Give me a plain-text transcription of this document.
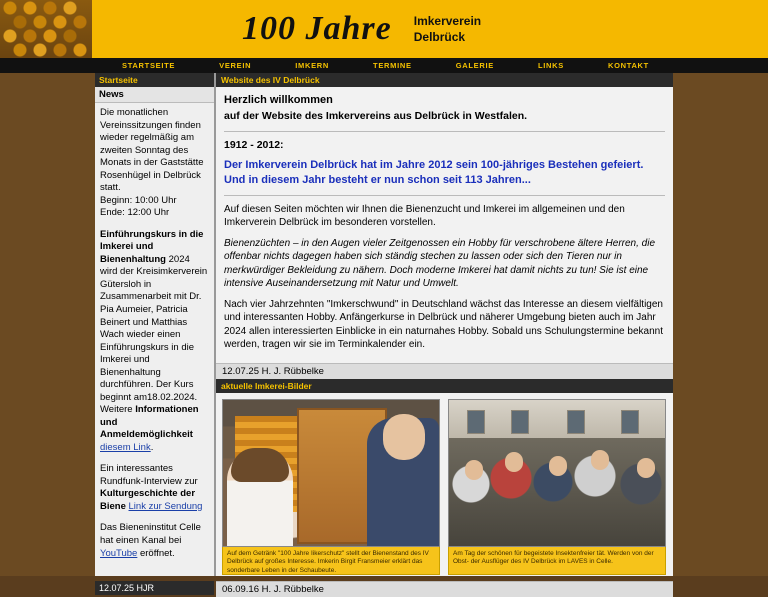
100 Jahre Imkerverein
Delbrück
STARTSEITE	VEREIN	IMKERN	TERMINE	GALERIE	LINKS	KONTAKT
Startseite
News

Die monatlichen Vereinssitzungen finden wieder regelmäßig am zweiten Sonntag des Monats in der Gaststätte Rosenhügel in Delbrück statt.
Beginn: 10:00 Uhr
Ende: 12:00 Uhr

Einführungskurs in die Imkerei und Bienenhaltung 2024 wird der Kreisimkerverein Gütersloh in Zusammenarbeit mit Dr. Pia Aumeier, Patricia Beinert und Matthias Wach wieder einen Einführungskurs in die Imkerei und Bienenhaltung durchführen. Der Kurs beginnt am18.02.2024. Weitere Informationen und Anmeldemöglichkeit diesem Link.

Ein interessantes Rundfunk-Interview zur Kulturgeschichte der Biene Link zur Sendung

Das Bieneninstitut Celle hat einen Kanal bei YouTube eröffnet.

12.07.25 HJR
Website des IV Delbrück
Herzlich willkommen
auf der Website des Imkervereins aus Delbrück in Westfalen.
1912 - 2012:
Der Imkerverein Delbrück hat im Jahre 2012 sein 100-jähriges Bestehen gefeiert. Und in diesem Jahr besteht er nun schon seit 113 Jahren...

Auf diesen Seiten möchten wir Ihnen die Bienenzucht und Imkerei im allgemeinen und den Imkerverein Delbrück im besonderen vorstellen.

Bienenzüchten – in den Augen vieler Zeitgenossen ein Hobby für verschrobene ältere Herren, die offenbar nichts dagegen haben sich ständig stechen zu lassen oder sich den Tieren nur in merkwürdiger Bekleidung zu nähern. Doch moderne Imkerei hat damit nichts zu tun! Sie ist eine intensive Auseinandersetzung mit Natur und Umwelt.

Nach vier Jahrzehnten "Imkerschwund" in Deutschland wächst das Interesse an diesem vielfältigen und interessanten Hobby. Anfängerkurse in Delbrück und näherer Umgebung bieten auch im Jahr 2024 allen interessierten Einblicke in ein naturnahes Hobby. Sobald uns Schulungstermine bekannt werden, tragen wir sie im Terminkalender ein.

12.07.25 H. J. Rübbelke
aktuelle Imkerei-Bilder
Auf dem Getränk "100 Jahre Iikerschutz" stellt der Bienenstand des IV Delbrück auf großes Interesse. Imkerin Birgit Fransmeier erklärt das sonderbare Leben in der Schaubeute.
Am Tag der schönen für begeistete Insektenfreier tät. Werden von der Obst- der Ausflüger des IV Delbrück im LAVES in Celle.
06.09.16 H. J. Rübbelke
